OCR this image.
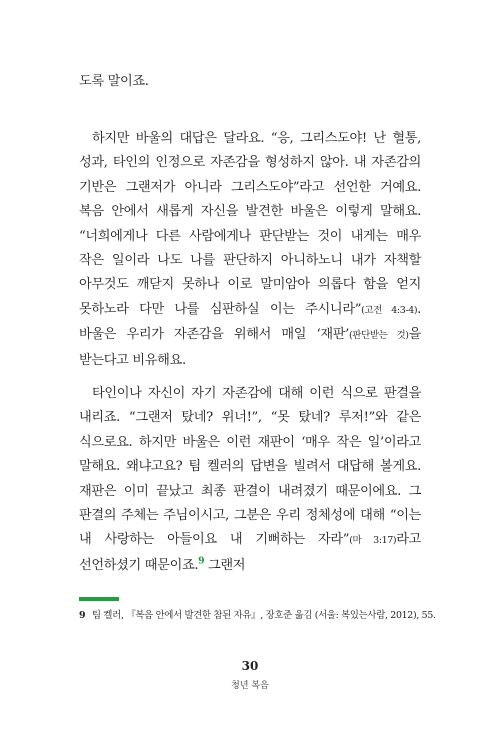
도록 말이죠.

하지만 바울의 대답은 달라요. “응, 그리스도야! 난 혈통, 성과, 타인의 인정으로 자존감을 형성하지 않아. 내 자존감의 기반은 그랜저가 아니라 그리스도야”라고 선언한 거예요. 복음 안에서 새롭게 자신을 발견한 바울은 이렇게 말해요. “너희에게나 다른 사람에게나 판단받는 것이 내게는 매우 작은 일이라 나도 나를 판단하지 아니하노니 내가 자책할 아무것도 깨닫지 못하나 이로 말미암아 의롭다 함을 얻지 못하노라 다만 나를 심판하실 이는 주시니라”(고전 4:3-4). 바울은 우리가 자존감을 위해서 매일 ‘재판’(판단받는 것)을 받는다고 비유해요.

타인이나 자신이 자기 자존감에 대해 이런 식으로 판결을 내리죠. “그랜저 탔네? 위너!”, “못 탔네? 루저!”와 같은 식으로요. 하지만 바울은 이런 재판이 ‘매우 작은 일’이라고 말해요. 왜냐고요? 팀 켈러의 답변을 빌려서 대답해 볼게요. 재판은 이미 끝났고 최종 판결이 내려졌기 때문이에요. 그 판결의 주체는 주님이시고, 그분은 우리 정체성에 대해 “이는 내 사랑하는 아들이요 내 기뻐하는 자라”(마 3:17)라고 선언하셨기 때문이죠.$^9$ 그랜저

9 팀 켈러, 『복음 안에서 발견한 참된 자유』, 장호준 옮김 (서울: 복있는사람, 2012), 55.
30
청년 복음
